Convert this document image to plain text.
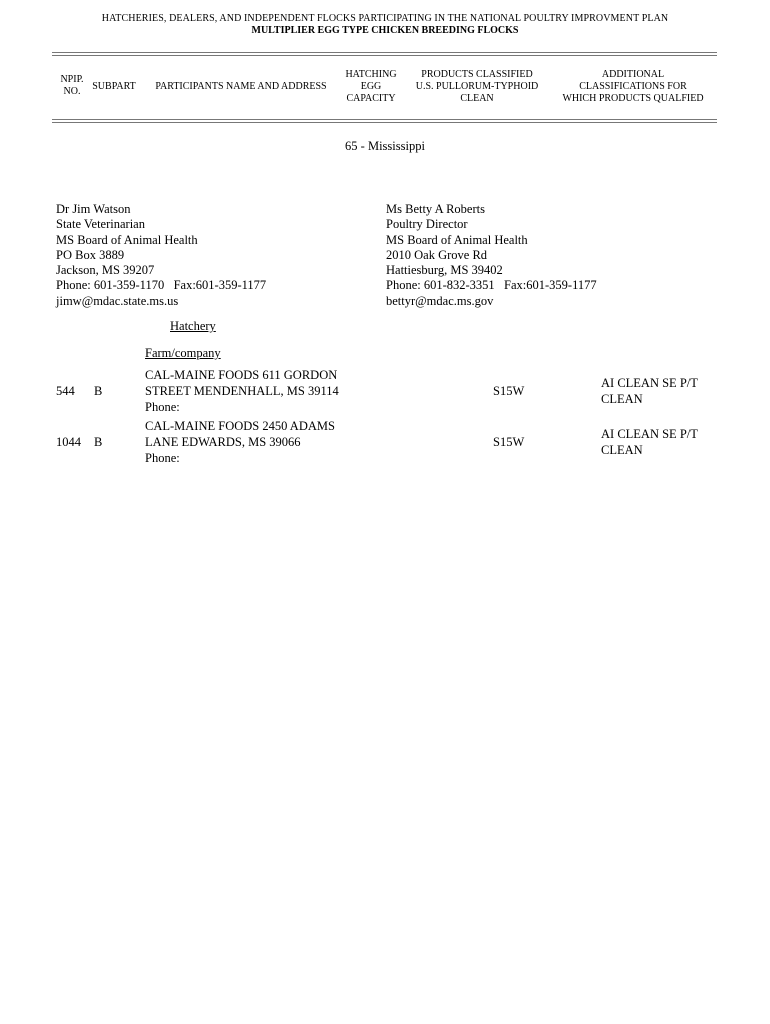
HATCHERIES, DEALERS, AND INDEPENDENT FLOCKS PARTICIPATING IN THE NATIONAL POULTRY IMPROVMENT PLAN
MULTIPLIER EGG TYPE CHICKEN BREEDING FLOCKS
NPIP.
NO.	SUBPART	PARTICIPANTS NAME AND ADDRESS
HATCHING
EGG
CAPACITY
PRODUCTS CLASSIFIED
U.S. PULLORUM-TYPHOID
CLEAN
ADDITIONAL
CLASSIFICATIONS FOR
WHICH PRODUCTS QUALFIED
65 - Mississippi
Dr Jim Watson
State Veterinarian
MS Board of Animal Health
PO Box 3889
Jackson, MS 39207
Phone: 601-359-1170   Fax:601-359-1177
jimw@mdac.state.ms.us
Ms Betty A Roberts
Poultry Director
MS Board of Animal Health
2010 Oak Grove Rd
Hattiesburg, MS 39402
Phone: 601-832-3351   Fax:601-359-1177
bettyr@mdac.ms.gov
Hatchery
Farm/company
544 B
CAL-MAINE FOODS 611 GORDON
STREET MENDENHALL, MS 39114
Phone:
S15W
AI CLEAN SE P/T
CLEAN
1044 B
CAL-MAINE FOODS 2450 ADAMS
LANE EDWARDS, MS 39066
Phone:
S15W
AI CLEAN SE P/T
CLEAN
